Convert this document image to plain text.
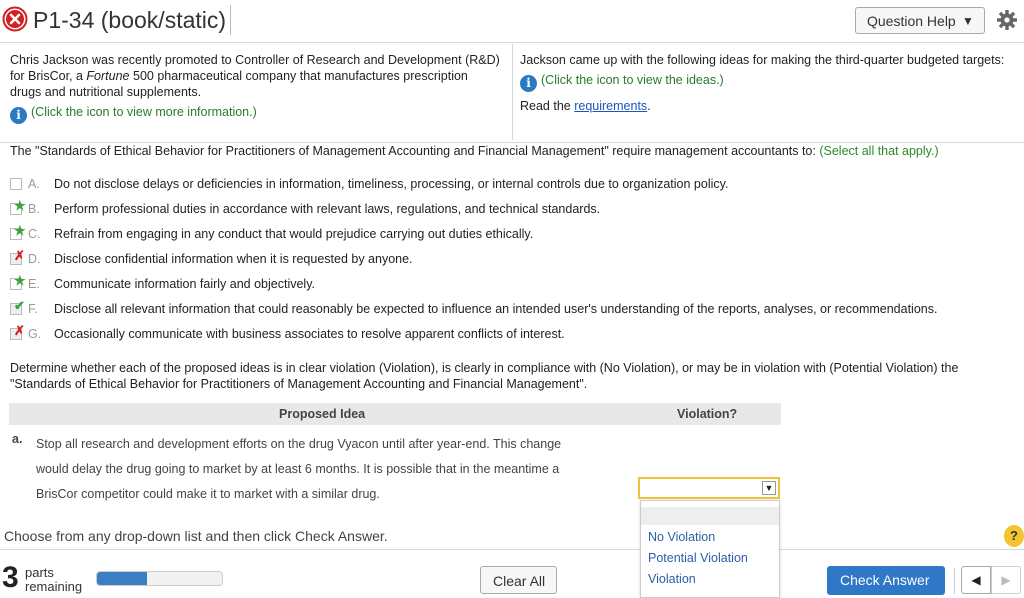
P1-34 (book/static)	Question Help ▼
Chris Jackson was recently promoted to Controller of Research and Development (R&D) for BrisCor, a Fortune 500 pharmaceutical company that manufactures prescription drugs and nutritional supplements.
i (Click the icon to view more information.)
Jackson came up with the following ideas for making the third-quarter budgeted targets:
i (Click the icon to view the ideas.)
Read the requirements.
The "Standards of Ethical Behavior for Practitioners of Management Accounting and Financial Management" require management accountants to: (Select all that apply.)
A. Do not disclose delays or deficiencies in information, timeliness, processing, or internal controls due to organization policy.
★ B. Perform professional duties in accordance with relevant laws, regulations, and technical standards.
★ C. Refrain from engaging in any conduct that would prejudice carrying out duties ethically.
✗ D. Disclose confidential information when it is requested by anyone.
★ E. Communicate information fairly and objectively.
✔ F. Disclose all relevant information that could reasonably be expected to influence an intended user's understanding of the reports, analyses, or recommendations.
✗ G. Occasionally communicate with business associates to resolve apparent conflicts of interest.
Determine whether each of the proposed ideas is in clear violation (Violation), is clearly in compliance with (No Violation), or may be in violation with (Potential Violation) the "Standards of Ethical Behavior for Practitioners of Management Accounting and Financial Management".
Proposed Idea	Violation?
a. Stop all research and development efforts on the drug Vyacon until after year-end. This change would delay the drug going to market by at least 6 months. It is possible that in the meantime a BrisCor competitor could make it to market with a similar drug.	▼
No Violation
Potential Violation
Violation
Choose from any drop-down list and then click Check Answer.	?
3 parts
remaining	Clear All	Check Answer	◀	▶
